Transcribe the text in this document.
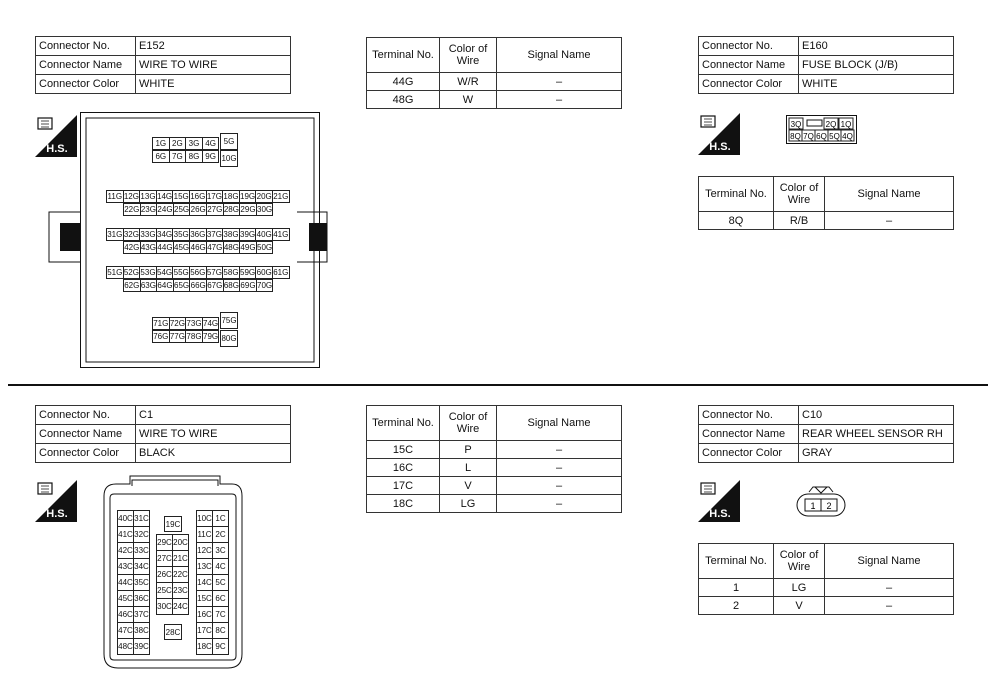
Connector No.	E152
Connector Name	WIRE TO WIRE
Connector Color	WHITE
Terminal No.	Color of Wire	Signal Name
44G	W/R	–
48G	W	–
H.S.	1G 2G 3G 4G 5G
6G 7G 8G 9G 10G
11G 12G 13G 14G 15G 16G 17G 18G 19G 20G 21G
22G 23G 24G 25G 26G 27G 28G 29G 30G
31G 32G 33G 34G 35G 36G 37G 38G 39G 40G 41G
42G 43G 44G 45G 46G 47G 48G 49G 50G
51G 52G 53G 54G 55G 56G 57G 58G 59G 60G 61G
62G 63G 64G 65G 66G 67G 68G 69G 70G
71G 72G 73G 74G 75G
76G 77G 78G 79G 80G
Connector No.	E160
Connector Name	FUSE BLOCK (J/B)
Connector Color	WHITE
H.S.
3Q	2Q 1Q
8Q 7Q 6Q 5Q 4Q
Terminal No.	Color of Wire	Signal Name
8Q	R/B	–
Connector No.	C1
Connector Name	WIRE TO WIRE
Connector Color	BLACK
Terminal No.	Color of Wire	Signal Name
15C	P	–
16C	L	–
17C	V	–
18C	LG	–
H.S.	40C	10C
31C	1C
41C	11C
32C	2C
42C	12C
33C	3C
43C	13C
34C	4C
44C	14C
35C	5C
45C	15C
36C	6C
46C	16C
37C	7C
47C	17C
38C	8C
48C	18C
39C	9C
19C
29C 20C
27C 21C
26C 22C
25C 23C
30C 24C
28C
Connector No.	C10
Connector Name	REAR WHEEL SENSOR RH
Connector Color	GRAY
H.S.
1 2
Terminal No.	Color of Wire	Signal Name
1	LG	–
2	V	–
